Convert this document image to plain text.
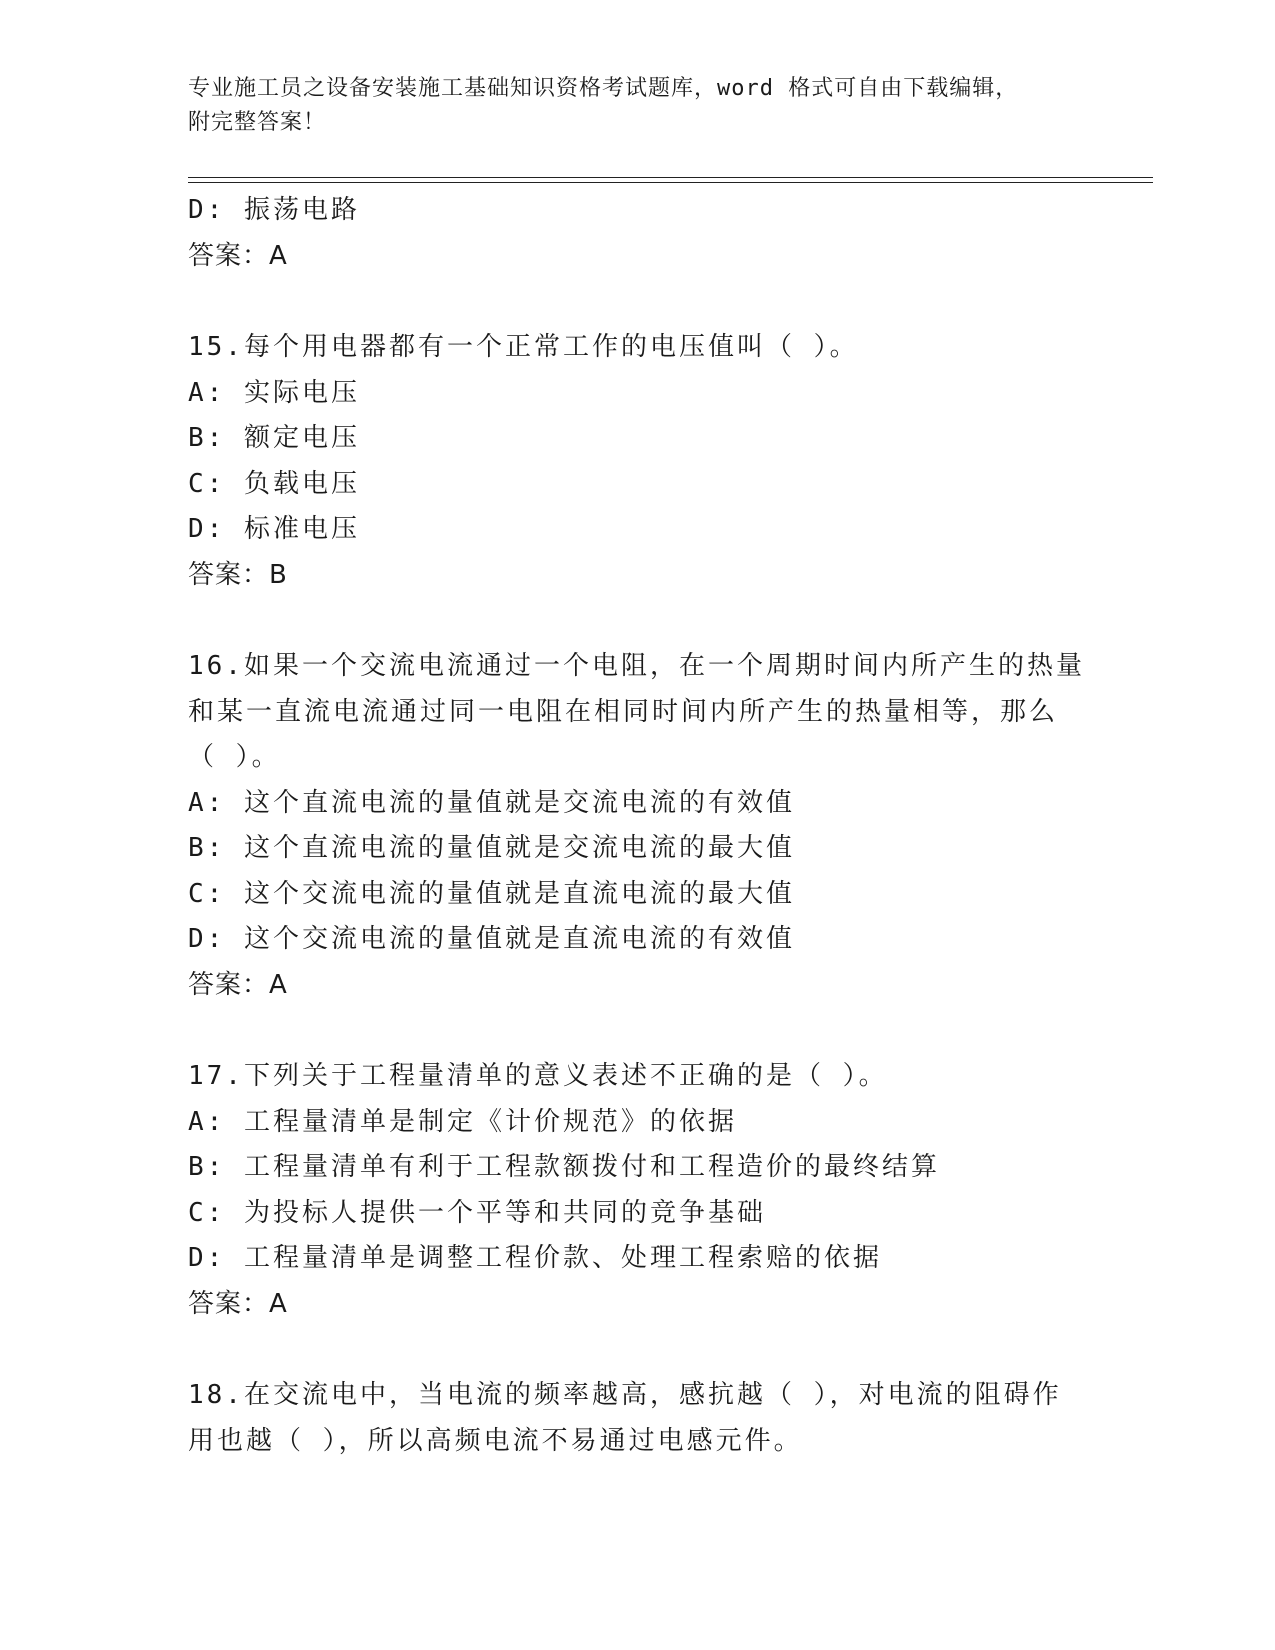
专业施工员之设备安装施工基础知识资格考试题库，word 格式可自由下载编辑，
附完整答案！
D: 振荡电路
答案：A
15.每个用电器都有一个正常工作的电压值叫（ ）。
A: 实际电压
B: 额定电压
C: 负载电压
D: 标准电压
答案：B
16.如果一个交流电流通过一个电阻，在一个周期时间内所产生的热量
和某一直流电流通过同一电阻在相同时间内所产生的热量相等，那么
（ ）。
A: 这个直流电流的量值就是交流电流的有效值
B: 这个直流电流的量值就是交流电流的最大值
C: 这个交流电流的量值就是直流电流的最大值
D: 这个交流电流的量值就是直流电流的有效值
答案：A
17.下列关于工程量清单的意义表述不正确的是（ ）。
A: 工程量清单是制定《计价规范》的依据
B: 工程量清单有利于工程款额拨付和工程造价的最终结算
C: 为投标人提供一个平等和共同的竞争基础
D: 工程量清单是调整工程价款、处理工程索赔的依据
答案：A
18.在交流电中，当电流的频率越高，感抗越（ ），对电流的阻碍作
用也越（ ），所以高频电流不易通过电感元件。
